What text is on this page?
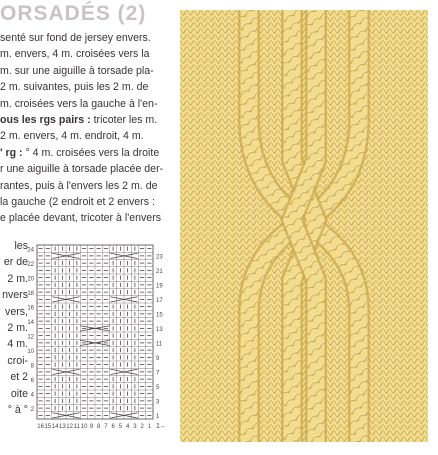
ORSADÉS (2)
senté sur fond de jersey envers.
m. envers, 4 m. croisées vers la
m. sur une aiguille à torsade pla-
2 m. suivantes, puis les 2 m. de
m. croisées vers la gauche à l'en-
ous les rgs pairs : tricoter les m.
2 m. envers, 4 m. endroit, 4 m.
' rg : ° 4 m. croisées vers la droite
r une aiguille à torsade placée der-
rantes, puis à l'envers les 2 m. de
la gauche (2 endroit et 2 envers :
e placée devant, tricoter à l'envers
les
er de
2 m.
nvers
vers,
2 m.
4 m.
croi-
et 2
oite
° à °
24
22
20
18
16
14
12
10
8
6
4
2
23
21
19
17
15
13
11
9
7
5
3
1
16 15 14 13 12 11 10 9 8 7 6 5 4 3 2 1 1←
